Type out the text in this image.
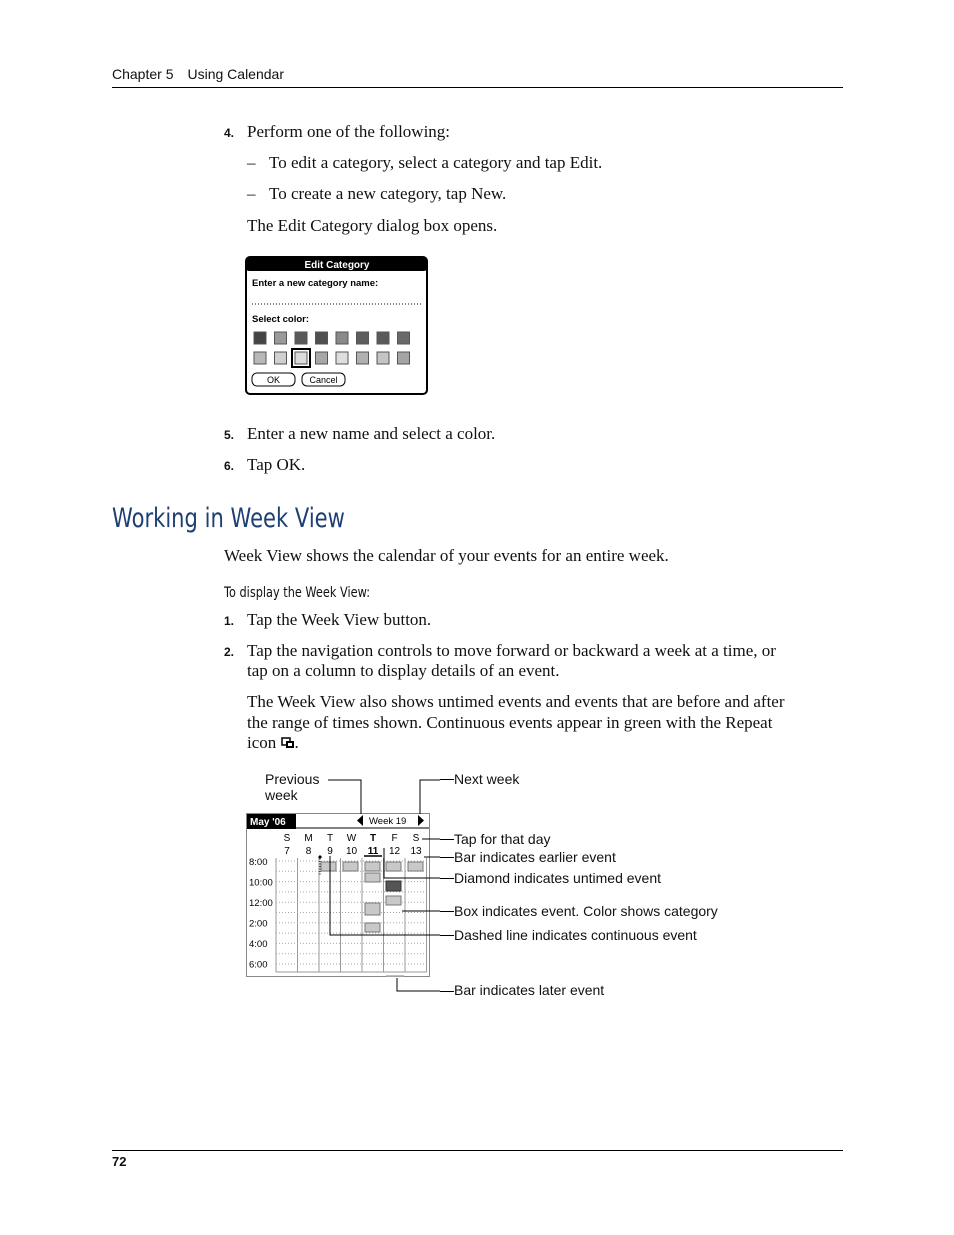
Chapter 5 Using Calendar
4. Perform one of the following:
– To edit a category, select a category and tap Edit.
– To create a new category, tap New.
The Edit Category dialog box opens.
Edit Category
Enter a new category name:
Select color:
OK	Cancel
5. Enter a new name and select a color.
6. Tap OK.
Working in Week View
Week View shows the calendar of your events for an entire week.
To display the Week View:
1. Tap the Week View button.
2. Tap the navigation controls to move forward or backward a week at a time, or
tap on a column to display details of an event.
The Week View also shows untimed events and events that are before and after
the range of times shown. Continuous events appear in green with the Repeat
icon .
May '06	Week 19
S
7
M
8
T
9
W
10
T
11
F
12
S
13
8:00
10:00
12:00
2:00
4:00
6:00
Previous
week
Next week
Tap for that day
Bar indicates earlier event
Diamond indicates untimed event
Box indicates event. Color shows category
Dashed line indicates continuous event
Bar indicates later event
72
